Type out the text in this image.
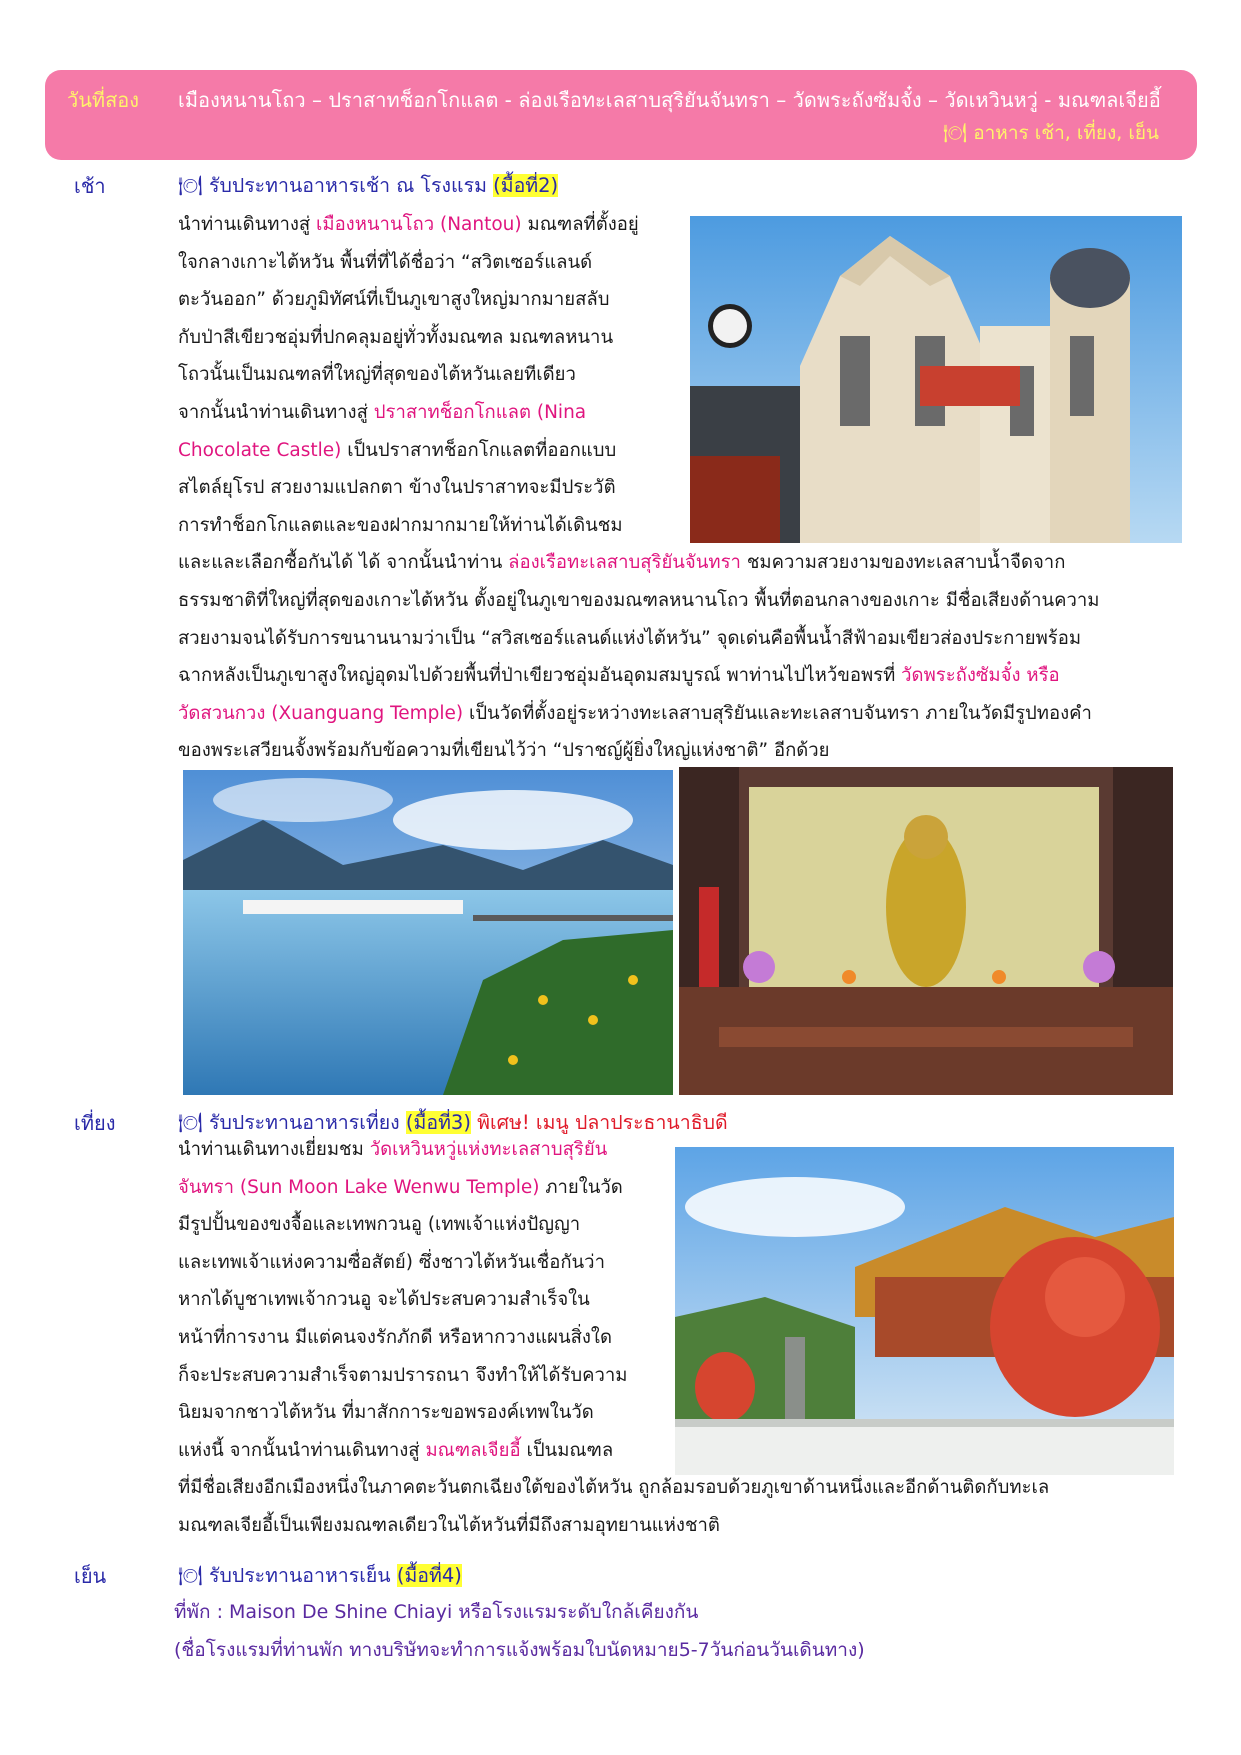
วันที่สอง เมืองหนานโถว – ปราสาทช็อกโกแลต - ล่องเรือทะเลสาบสุริยันจันทรา – วัดพระถังซัมจั๋ง – วัดเหวินหวู่ - มณฑลเจียอี้
🍽 อาหาร เช้า, เที่ยง, เย็น
เช้า	🍽 รับประทานอาหารเช้า ณ โรงแรม (มื้อที่2)
นำท่านเดินทางสู่ เมืองหนานโถว (Nantou) มณฑลที่ตั้งอยู่
ใจกลางเกาะไต้หวัน พื้นที่ที่ได้ชื่อว่า “สวิตเซอร์แลนด์
ตะวันออก” ด้วยภูมิทัศน์ที่เป็นภูเขาสูงใหญ่มากมายสลับ
กับป่าสีเขียวชอุ่มที่ปกคลุมอยู่ทั่วทั้งมณฑล มณฑลหนาน
โถวนั้นเป็นมณฑลที่ใหญ่ที่สุดของไต้หวันเลยทีเดียว
จากนั้นนำท่านเดินทางสู่ ปราสาทช็อกโกแลต (Nina
Chocolate Castle) เป็นปราสาทช็อกโกแลตที่ออกแบบ
สไตล์ยุโรป สวยงามแปลกตา ข้างในปราสาทจะมีประวัติ
การทำช็อกโกแลตและของฝากมากมายให้ท่านได้เดินชม
และและเลือกซื้อกันได้ ได้ จากนั้นนำท่าน ล่องเรือทะเลสาบสุริยันจันทรา ชมความสวยงามของทะเลสาบน้ำจืดจาก
ธรรมชาติที่ใหญ่ที่สุดของเกาะไต้หวัน ตั้งอยู่ในภูเขาของมณฑลหนานโถว พื้นที่ตอนกลางของเกาะ มีชื่อเสียงด้านความ
สวยงามจนได้รับการขนานนามว่าเป็น “สวิสเซอร์แลนด์แห่งไต้หวัน” จุดเด่นคือพื้นน้ำสีฟ้าอมเขียวส่องประกายพร้อม
ฉากหลังเป็นภูเขาสูงใหญ่อุดมไปด้วยพื้นที่ป่าเขียวชอุ่มอันอุดมสมบูรณ์ พาท่านไปไหว้ขอพรที่ วัดพระถังซัมจั๋ง หรือ
วัดสวนกวง (Xuanguang Temple) เป็นวัดที่ตั้งอยู่ระหว่างทะเลสาบสุริยันและทะเลสาบจันทรา ภายในวัดมีรูปทองคำ
ของพระเสวียนจั้งพร้อมกับข้อความที่เขียนไว้ว่า “ปราชญ์ผู้ยิ่งใหญ่แห่งชาติ” อีกด้วย
เที่ยง	🍽 รับประทานอาหารเที่ยง (มื้อที่3) พิเศษ! เมนู ปลาประธานาธิบดี
นำท่านเดินทางเยี่ยมชม วัดเหวินหวู่แห่งทะเลสาบสุริยัน
จันทรา (Sun Moon Lake Wenwu Temple) ภายในวัด
มีรูปปั้นของขงจื้อและเทพกวนอู (เทพเจ้าแห่งปัญญา
และเทพเจ้าแห่งความซื่อสัตย์) ซึ่งชาวไต้หวันเชื่อกันว่า
หากได้บูชาเทพเจ้ากวนอู จะได้ประสบความสำเร็จใน
หน้าที่การงาน มีแต่คนจงรักภักดี หรือหากวางแผนสิ่งใด
ก็จะประสบความสำเร็จตามปรารถนา จึงทำให้ได้รับความ
นิยมจากชาวไต้หวัน ที่มาสักการะขอพรองค์เทพในวัด
แห่งนี้ จากนั้นนำท่านเดินทางสู่ มณฑลเจียอี้ เป็นมณฑล
ที่มีชื่อเสียงอีกเมืองหนึ่งในภาคตะวันตกเฉียงใต้ของไต้หวัน ถูกล้อมรอบด้วยภูเขาด้านหนึ่งและอีกด้านติดกับทะเล
มณฑลเจียอี้เป็นเพียงมณฑลเดียวในไต้หวันที่มีถึงสามอุทยานแห่งชาติ
เย็น	🍽 รับประทานอาหารเย็น (มื้อที่4)
ที่พัก : Maison De Shine Chiayi หรือโรงแรมระดับใกล้เคียงกัน
(ชื่อโรงแรมที่ท่านพัก ทางบริษัทจะทำการแจ้งพร้อมใบนัดหมาย5-7วันก่อนวันเดินทาง)
